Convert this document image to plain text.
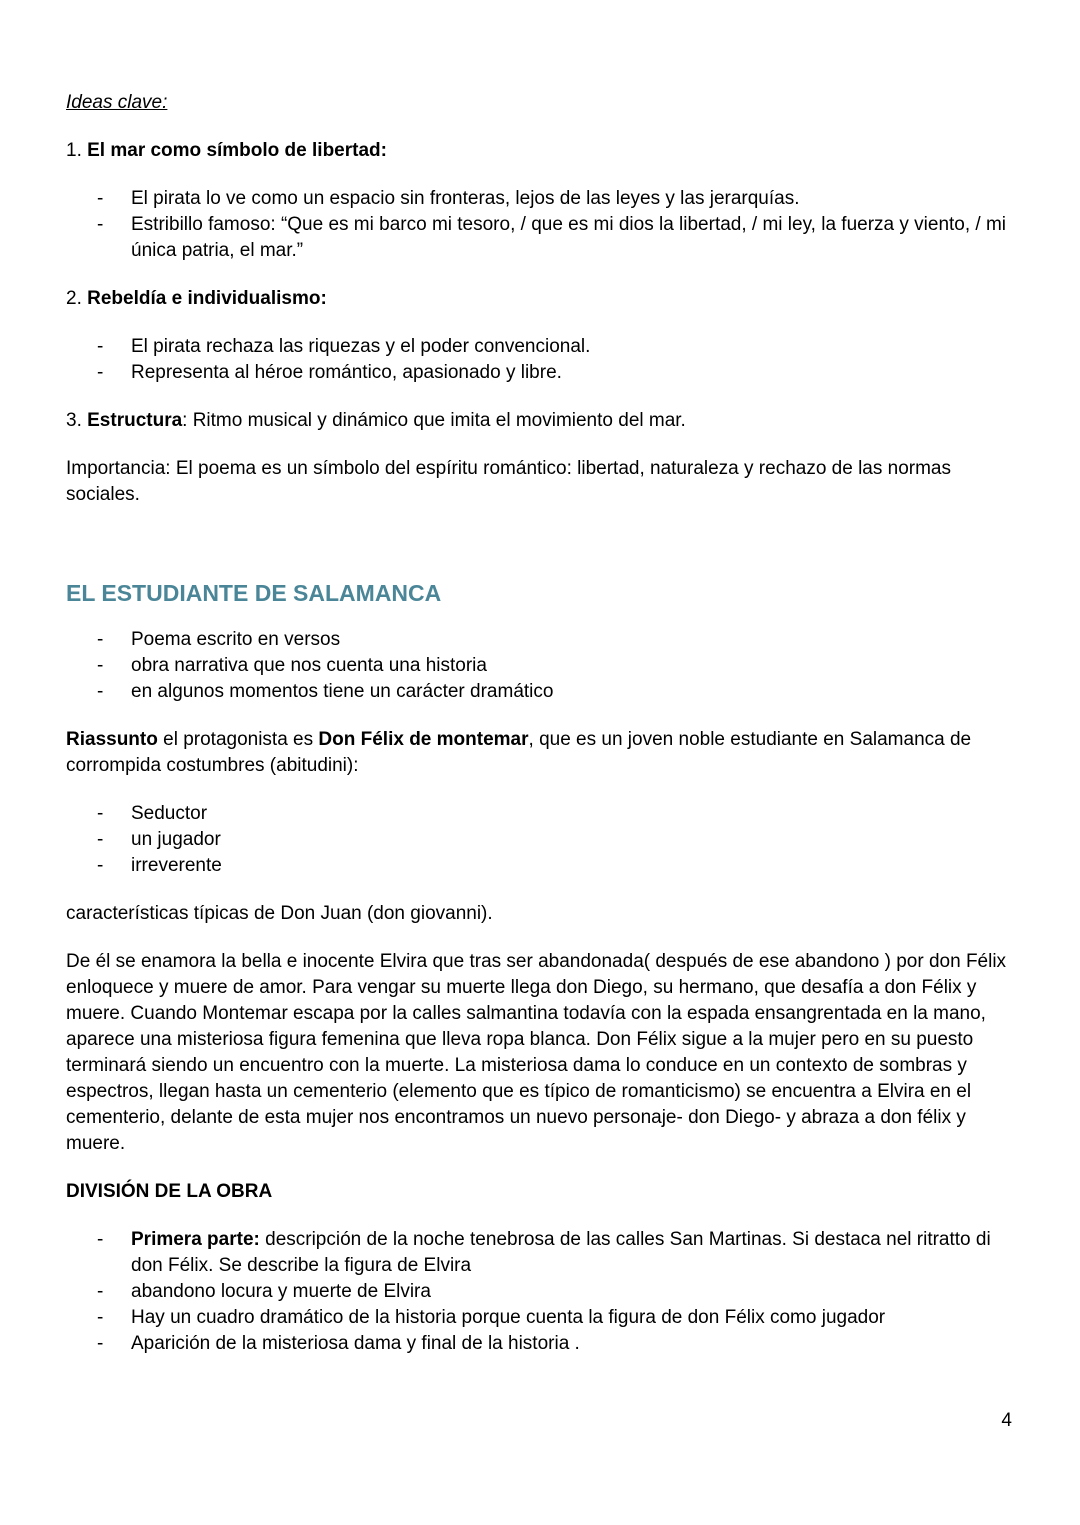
Ideas clave:

1. El mar como símbolo de libertad:

- El pirata lo ve como un espacio sin fronteras, lejos de las leyes y las jerarquías.
- Estribillo famoso: “Que es mi barco mi tesoro, / que es mi dios la libertad, / mi ley, la fuerza y viento, / mi única patria, el mar.”

2. Rebeldía e individualismo:

- El pirata rechaza las riquezas y el poder convencional.
- Representa al héroe romántico, apasionado y libre.

3. Estructura: Ritmo musical y dinámico que imita el movimiento del mar.

Importancia: El poema es un símbolo del espíritu romántico: libertad, naturaleza y rechazo de las normas sociales.

EL ESTUDIANTE DE SALAMANCA
- Poema escrito en versos
- obra narrativa que nos cuenta una historia
- en algunos momentos tiene un carácter dramático

Riassunto el protagonista es Don Félix de montemar, que es un joven noble estudiante en Salamanca de corrompida costumbres (abitudini):

- Seductor
- un jugador
- irreverente

características típicas de Don Juan (don giovanni).

De él se enamora la bella e inocente Elvira que tras ser abandonada( después de ese abandono ) por don Félix enloquece y muere de amor. Para vengar su muerte llega don Diego, su hermano, que desafía a don Félix y muere. Cuando Montemar escapa por la calles salmantina todavía con la espada ensangrentada en la mano, aparece una misteriosa figura femenina que lleva ropa blanca. Don Félix sigue a la mujer pero en su puesto terminará siendo un encuentro con la muerte. La misteriosa dama lo conduce en un contexto de sombras y espectros, llegan hasta un cementerio (elemento que es típico de romanticismo) se encuentra a Elvira en el cementerio, delante de esta mujer nos encontramos un nuevo personaje- don Diego- y abraza a don félix y muere.

DIVISIÓN DE LA OBRA

- Primera parte: descripción de la noche tenebrosa de las calles San Martinas. Si destaca nel ritratto di don Félix. Se describe la figura de Elvira
- abandono locura y muerte de Elvira
- Hay un cuadro dramático de la historia porque cuenta la figura de don Félix como jugador
- Aparición de la misteriosa dama y final de la historia .
4
